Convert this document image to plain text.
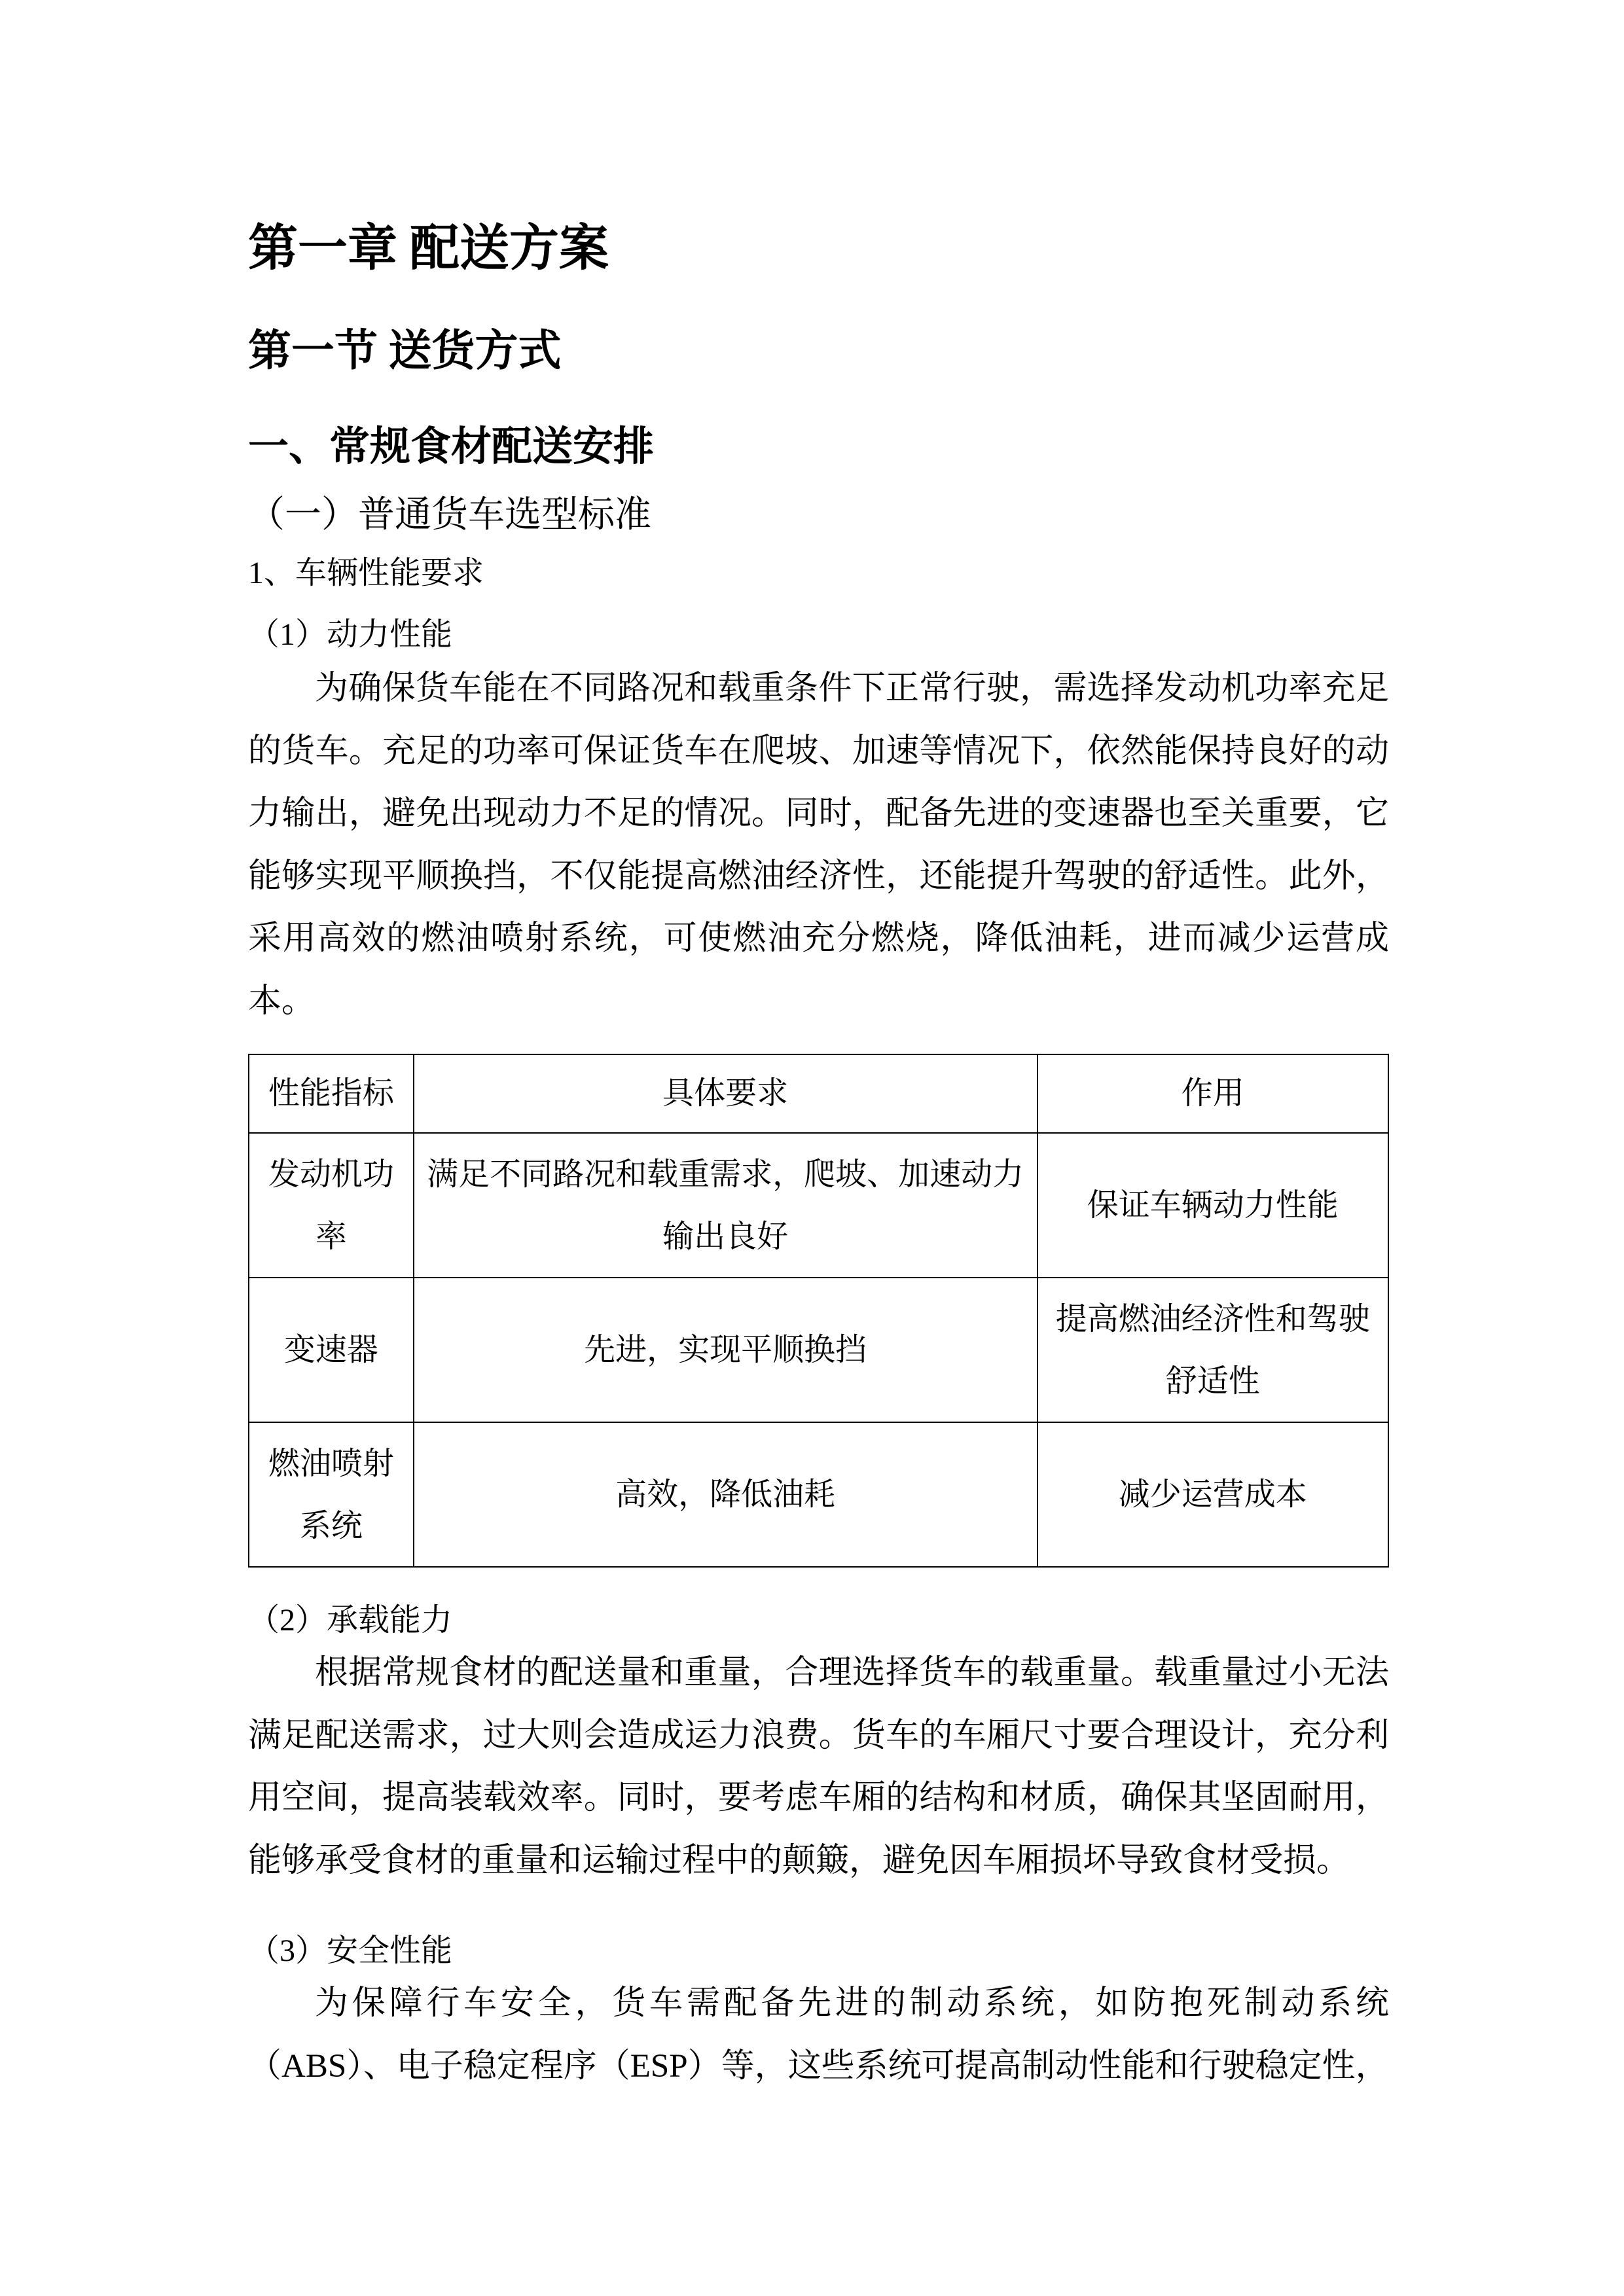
第一章 配送方案
第一节 送货方式
一、常规食材配送安排
（一）普通货车选型标准
1、车辆性能要求
（1）动力性能
为确保货车能在不同路况和载重条件下正常行驶，需选择发动机功率充足的货车。充足的功率可保证货车在爬坡、加速等情况下，依然能保持良好的动力输出，避免出现动力不足的情况。同时，配备先进的变速器也至关重要，它能够实现平顺换挡，不仅能提高燃油经济性，还能提升驾驶的舒适性。此外，采用高效的燃油喷射系统，可使燃油充分燃烧，降低油耗，进而减少运营成本。
性能指标	具体要求	作用
发动机功率	满足不同路况和载重需求，爬坡、加速动力输出良好	保证车辆动力性能
变速器	先进，实现平顺换挡	提高燃油经济性和驾驶舒适性
燃油喷射系统	高效，降低油耗	减少运营成本
（2）承载能力
根据常规食材的配送量和重量，合理选择货车的载重量。载重量过小无法满足配送需求，过大则会造成运力浪费。货车的车厢尺寸要合理设计，充分利用空间，提高装载效率。同时，要考虑车厢的结构和材质，确保其坚固耐用，能够承受食材的重量和运输过程中的颠簸，避免因车厢损坏导致食材受损。
（3）安全性能
为保障行车安全，货车需配备先进的制动系统，如防抱死制动系统（ABS）、电子稳定程序（ESP）等，这些系统可提高制动性能和行驶稳定性，
